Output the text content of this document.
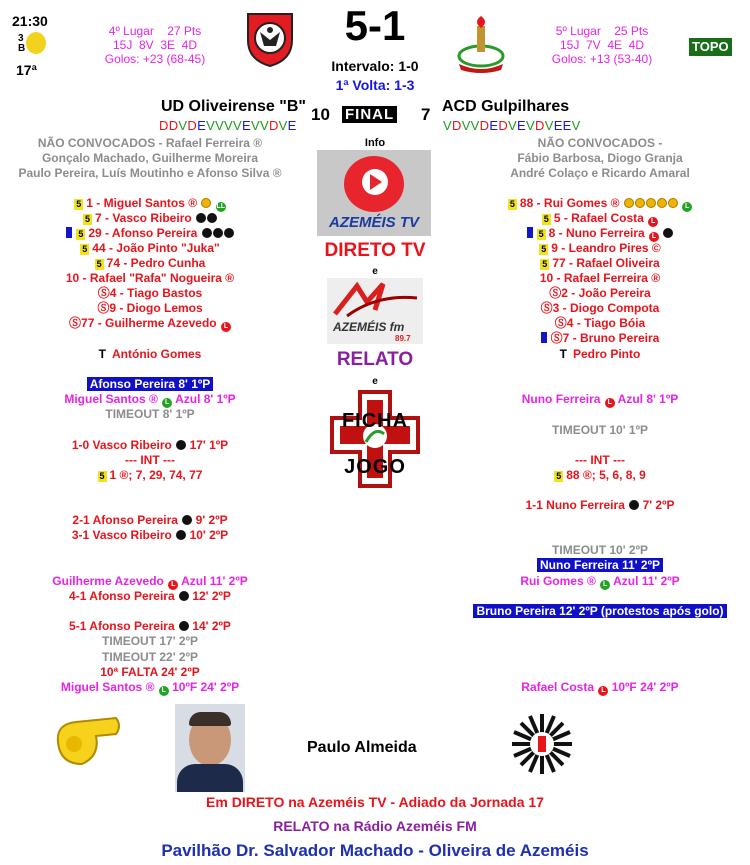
21:30
3B
17ª
4º Lugar 27 Pts
15J  8V  3E  4D
Golos: +23 (68-45)
5-1
Intervalo: 1-0
1ª Volta: 1-3
5º Lugar 25 Pts
15J  7V  4E  4D
Golos: +13 (53-40)
TOPO
UD Oliveirense "B" 10 FINAL 7 ACD Gulpilhares
DDVDEVVVVEVVDVE	VDVVDEDVEVDVEEV
NÃO CONVOCADOS - Rafael Ferreira ®
Gonçalo Machado, Guilherme Moreira
Paulo Pereira, Luís Moutinho e Afonso Silva ®
NÃO CONVOCADOS -
Fábio Barbosa, Diogo Granja
André Colaço e Ricardo Amaral
Info
AZEMÉIS TV
DIRETO TV
e
AZEMÉIS fm
89.7
RELATO
e
FICHA
JOGO
5 1 - Miguel Santos ®	LL
5 7 - Vasco Ribeiro
5 29 - Afonso Pereira
5 44 - João Pinto "Juka"
5 74 - Pedro Cunha
10 - Rafael "Rafa" Nogueira ®
Ⓢ4 - Tiago Bastos
Ⓢ9 - Diogo Lemos
Ⓢ77 - Guilherme Azevedo L
T António Gomes
5 88 - Rui Gomes ®	L
5 5 - Rafael Costa L
5 8 - Nuno Ferreira L
5 9 - Leandro Pires ©
5 77 - Rafael Oliveira
10 - Rafael Ferreira ®
Ⓢ2 - João Pereira
Ⓢ3 - Diogo Compota
Ⓢ4 - Tiago Bóia
Ⓢ7 - Bruno Pereira
T Pedro Pinto
Afonso Pereira 8' 1ºP
Miguel Santos ® L Azul 8' 1ºP
TIMEOUT 8' 1ºP
1-0 Vasco Ribeiro 17' 1ºP
--- INT ---
5 1 ®; 7, 29, 74, 77
2-1 Afonso Pereira 9' 2ºP
3-1 Vasco Ribeiro 10' 2ºP
Guilherme Azevedo L Azul 11' 2ºP
4-1 Afonso Pereira 12' 2ºP
5-1 Afonso Pereira 14' 2ºP
TIMEOUT 17' 2ºP
TIMEOUT 22' 2ºP
10ª FALTA 24' 2ºP
Miguel Santos ® L 10ºF 24' 2ºP
Nuno Ferreira L Azul 8' 1ºP
TIMEOUT 10' 1ºP
--- INT ---
5 88 ®; 5, 6, 8, 9
1-1 Nuno Ferreira 7' 2ºP
TIMEOUT 10' 2ºP
Nuno Ferreira 11' 2ºP
Rui Gomes ® L Azul 11' 2ºP
Bruno Pereira 12' 2ºP (protestos após golo)
Rafael Costa L 10ºF 24' 2ºP
Paulo Almeida
Em DIRETO na Azeméis TV - Adiado da Jornada 17
RELATO na Rádio Azeméis FM
Pavilhão Dr. Salvador Machado - Oliveira de Azeméis
